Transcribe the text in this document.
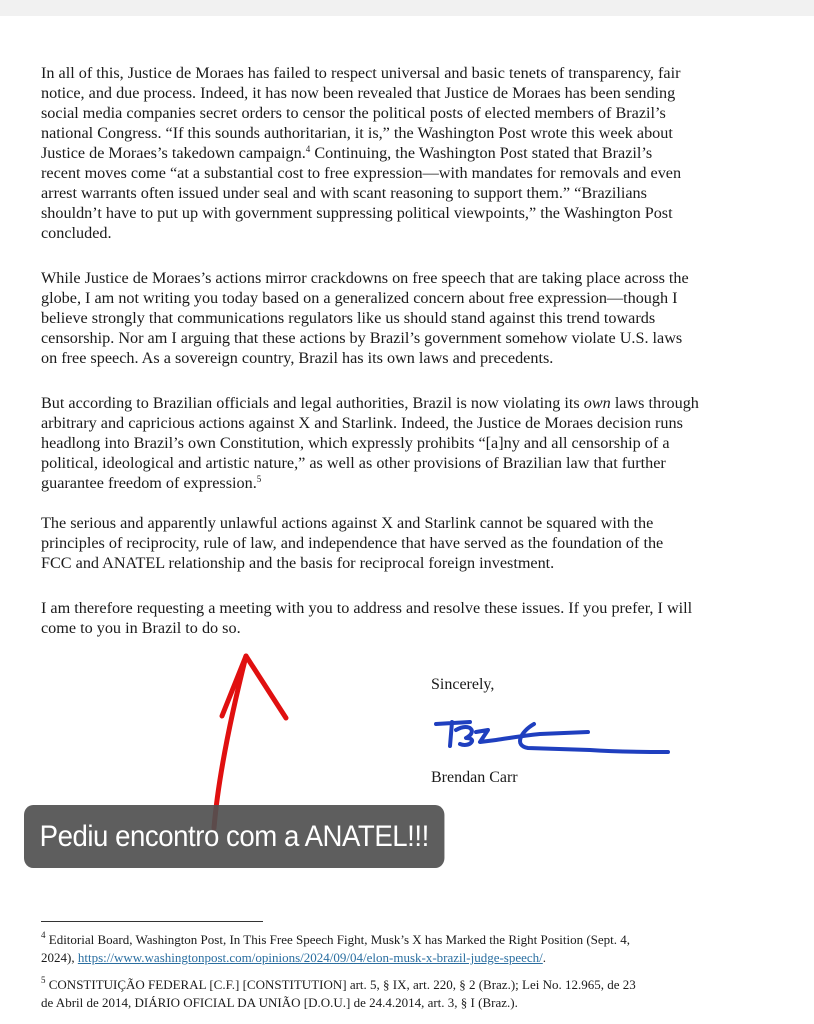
In all of this, Justice de Moraes has failed to respect universal and basic tenets of transparency, fair
notice, and due process. Indeed, it has now been revealed that Justice de Moraes has been sending
social media companies secret orders to censor the political posts of elected members of Brazil’s
national Congress. “If this sounds authoritarian, it is,” the Washington Post wrote this week about
Justice de Moraes’s takedown campaign.$^4$ Continuing, the Washington Post stated that Brazil’s
recent moves come “at a substantial cost to free expression—with mandates for removals and even
arrest warrants often issued under seal and with scant reasoning to support them.” “Brazilians
shouldn’t have to put up with government suppressing political viewpoints,” the Washington Post
concluded.
While Justice de Moraes’s actions mirror crackdowns on free speech that are taking place across the
globe, I am not writing you today based on a generalized concern about free expression—though I
believe strongly that communications regulators like us should stand against this trend towards
censorship. Nor am I arguing that these actions by Brazil’s government somehow violate U.S. laws
on free speech. As a sovereign country, Brazil has its own laws and precedents.
But according to Brazilian officials and legal authorities, Brazil is now violating its own laws through
arbitrary and capricious actions against X and Starlink. Indeed, the Justice de Moraes decision runs
headlong into Brazil’s own Constitution, which expressly prohibits “[a]ny and all censorship of a
political, ideological and artistic nature,” as well as other provisions of Brazilian law that further
guarantee freedom of expression.$^5$
The serious and apparently unlawful actions against X and Starlink cannot be squared with the
principles of reciprocity, rule of law, and independence that have served as the foundation of the
FCC and ANATEL relationship and the basis for reciprocal foreign investment.
I am therefore requesting a meeting with you to address and resolve these issues. If you prefer, I will
come to you in Brazil to do so.
Sincerely,
Brendan Carr
Pediu encontro com a ANATEL!!!
$^4$ Editorial Board, Washington Post, In This Free Speech Fight, Musk’s X has Marked the Right Position (Sept. 4,
2024), https://www.washingtonpost.com/opinions/2024/09/04/elon-musk-x-brazil-judge-speech/.
$^5$ CONSTITUIÇÃO FEDERAL [C.F.] [CONSTITUTION] art. 5, § IX, art. 220, § 2 (Braz.); Lei No. 12.965, de 23
de Abril de 2014, DIÁRIO OFICIAL DA UNIÃO [D.O.U.] de 24.4.2014, art. 3, § I (Braz.).
